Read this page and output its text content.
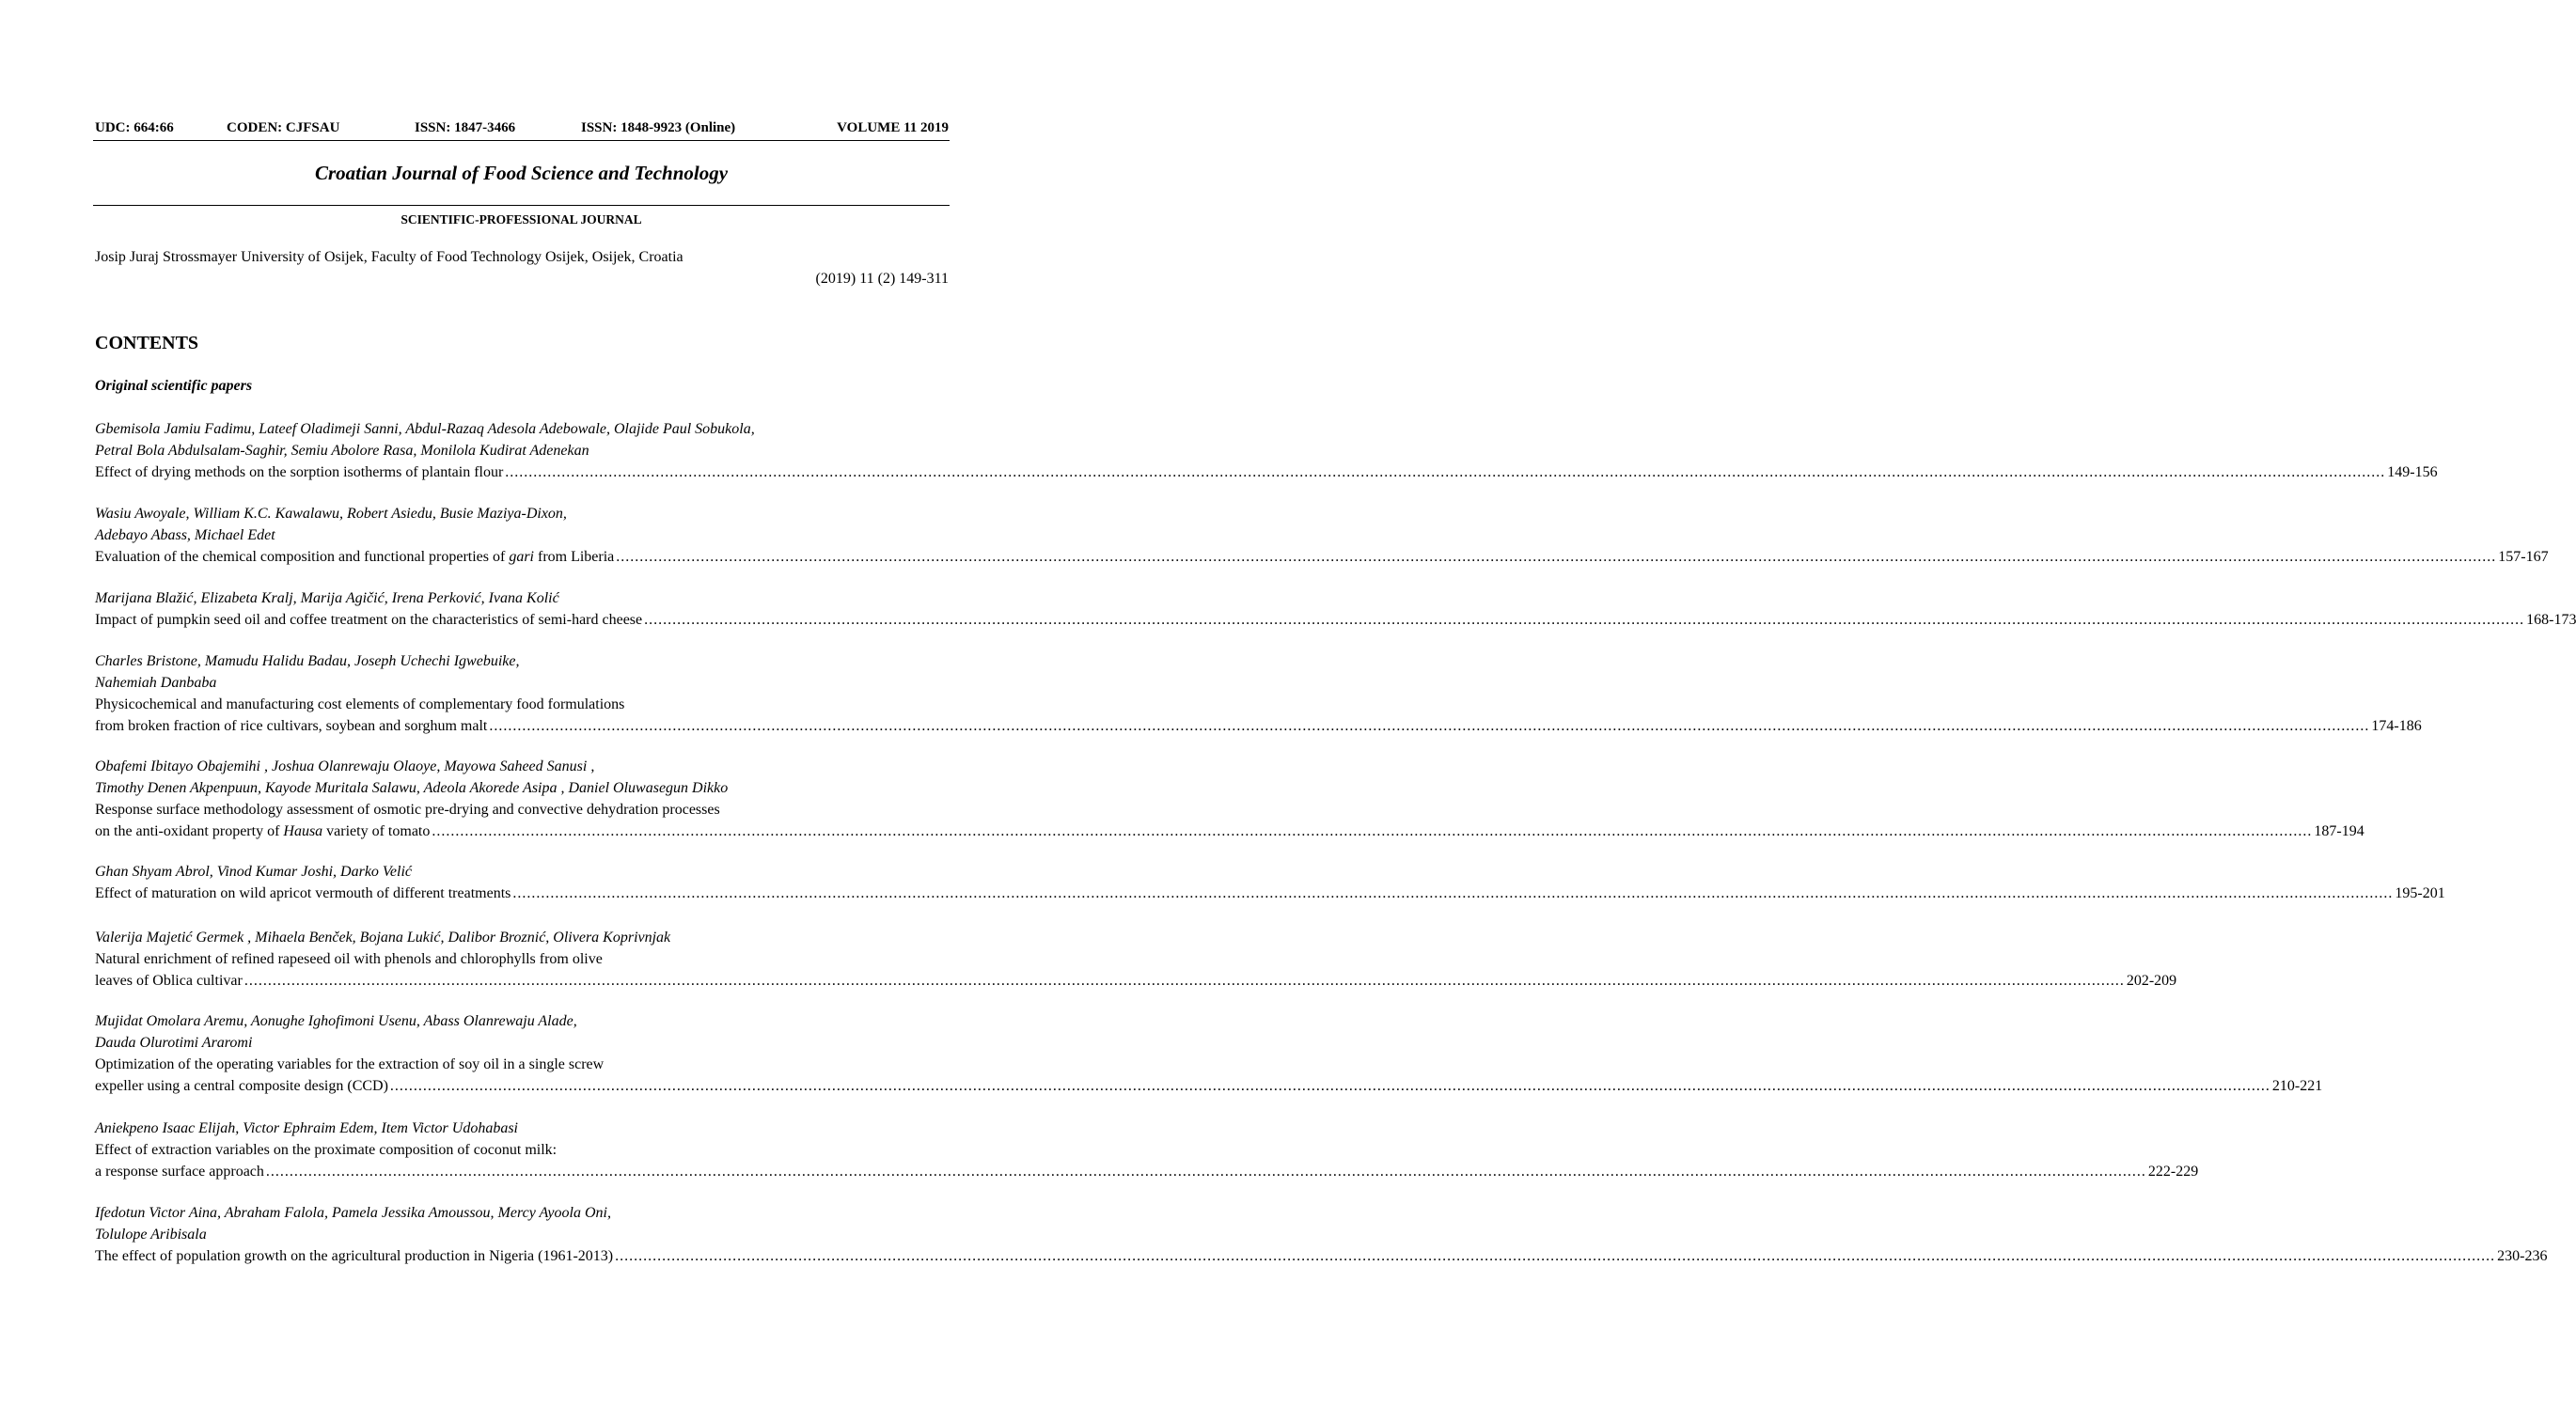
UDC: 664:66	CODEN: CJFSAU	ISSN: 1847-3466	ISSN: 1848-9923 (Online)	VOLUME 11 2019
Croatian Journal of Food Science and Technology
SCIENTIFIC-PROFESSIONAL JOURNAL
Josip Juraj Strossmayer University of Osijek, Faculty of Food Technology Osijek, Osijek, Croatia
(2019) 11 (2) 149-311
CONTENTS
Original scientific papers
Gbemisola Jamiu Fadimu, Lateef Oladimeji Sanni, Abdul-Razaq Adesola Adebowale, Olajide Paul Sobukola,
Petral Bola Abdulsalam-Saghir, Semiu Abolore Rasa, Monilola Kudirat Adenekan
Effect of drying methods on the sorption isotherms of plantain flour ................................................................................................................................................................................................................................................................................................................................................................................................................ 149-156
Wasiu Awoyale, William K.C. Kawalawu, Robert Asiedu, Busie Maziya-Dixon,
Adebayo Abass, Michael Edet
Evaluation of the chemical composition and functional properties of gari from Liberia ................................................................................................................................................................................................................................................................................................................................................................................................................ 157-167
Marijana Blažić, Elizabeta Kralj, Marija Agičić, Irena Perković, Ivana Kolić
Impact of pumpkin seed oil and coffee treatment on the characteristics of semi-hard cheese ................................................................................................................................................................................................................................................................................................................................................................................................................ 168-173
Charles Bristone, Mamudu Halidu Badau, Joseph Uchechi Igwebuike,
Nahemiah Danbaba
Physicochemical and manufacturing cost elements of complementary food formulations
from broken fraction of rice cultivars, soybean and sorghum malt ................................................................................................................................................................................................................................................................................................................................................................................................................ 174-186
Obafemi Ibitayo Obajemihi , Joshua Olanrewaju Olaoye, Mayowa Saheed Sanusi ,
Timothy Denen Akpenpuun, Kayode Muritala Salawu, Adeola Akorede Asipa , Daniel Oluwasegun Dikko
Response surface methodology assessment of osmotic pre-drying and convective dehydration processes
on the anti-oxidant property of Hausa variety of tomato ................................................................................................................................................................................................................................................................................................................................................................................................................ 187-194
Ghan Shyam Abrol, Vinod Kumar Joshi, Darko Velić
Effect of maturation on wild apricot vermouth of different treatments ................................................................................................................................................................................................................................................................................................................................................................................................................ 195-201
Valerija Majetić Germek , Mihaela Benček, Bojana Lukić, Dalibor Broznić, Olivera Koprivnjak
Natural enrichment of refined rapeseed oil with phenols and chlorophylls from olive
leaves of Oblica cultivar ................................................................................................................................................................................................................................................................................................................................................................................................................ 202-209
Mujidat Omolara Aremu, Aonughe Ighofimoni Usenu, Abass Olanrewaju Alade,
Dauda Olurotimi Araromi
Optimization of the operating variables for the extraction of soy oil in a single screw
expeller using a central composite design (CCD) ................................................................................................................................................................................................................................................................................................................................................................................................................ 210-221
Aniekpeno Isaac Elijah, Victor Ephraim Edem, Item Victor Udohabasi
Effect of extraction variables on the proximate composition of coconut milk:
a response surface approach ................................................................................................................................................................................................................................................................................................................................................................................................................ 222-229
Ifedotun Victor Aina, Abraham Falola, Pamela Jessika Amoussou, Mercy Ayoola Oni,
Tolulope Aribisala
The effect of population growth on the agricultural production in Nigeria (1961-2013) ................................................................................................................................................................................................................................................................................................................................................................................................................ 230-236
